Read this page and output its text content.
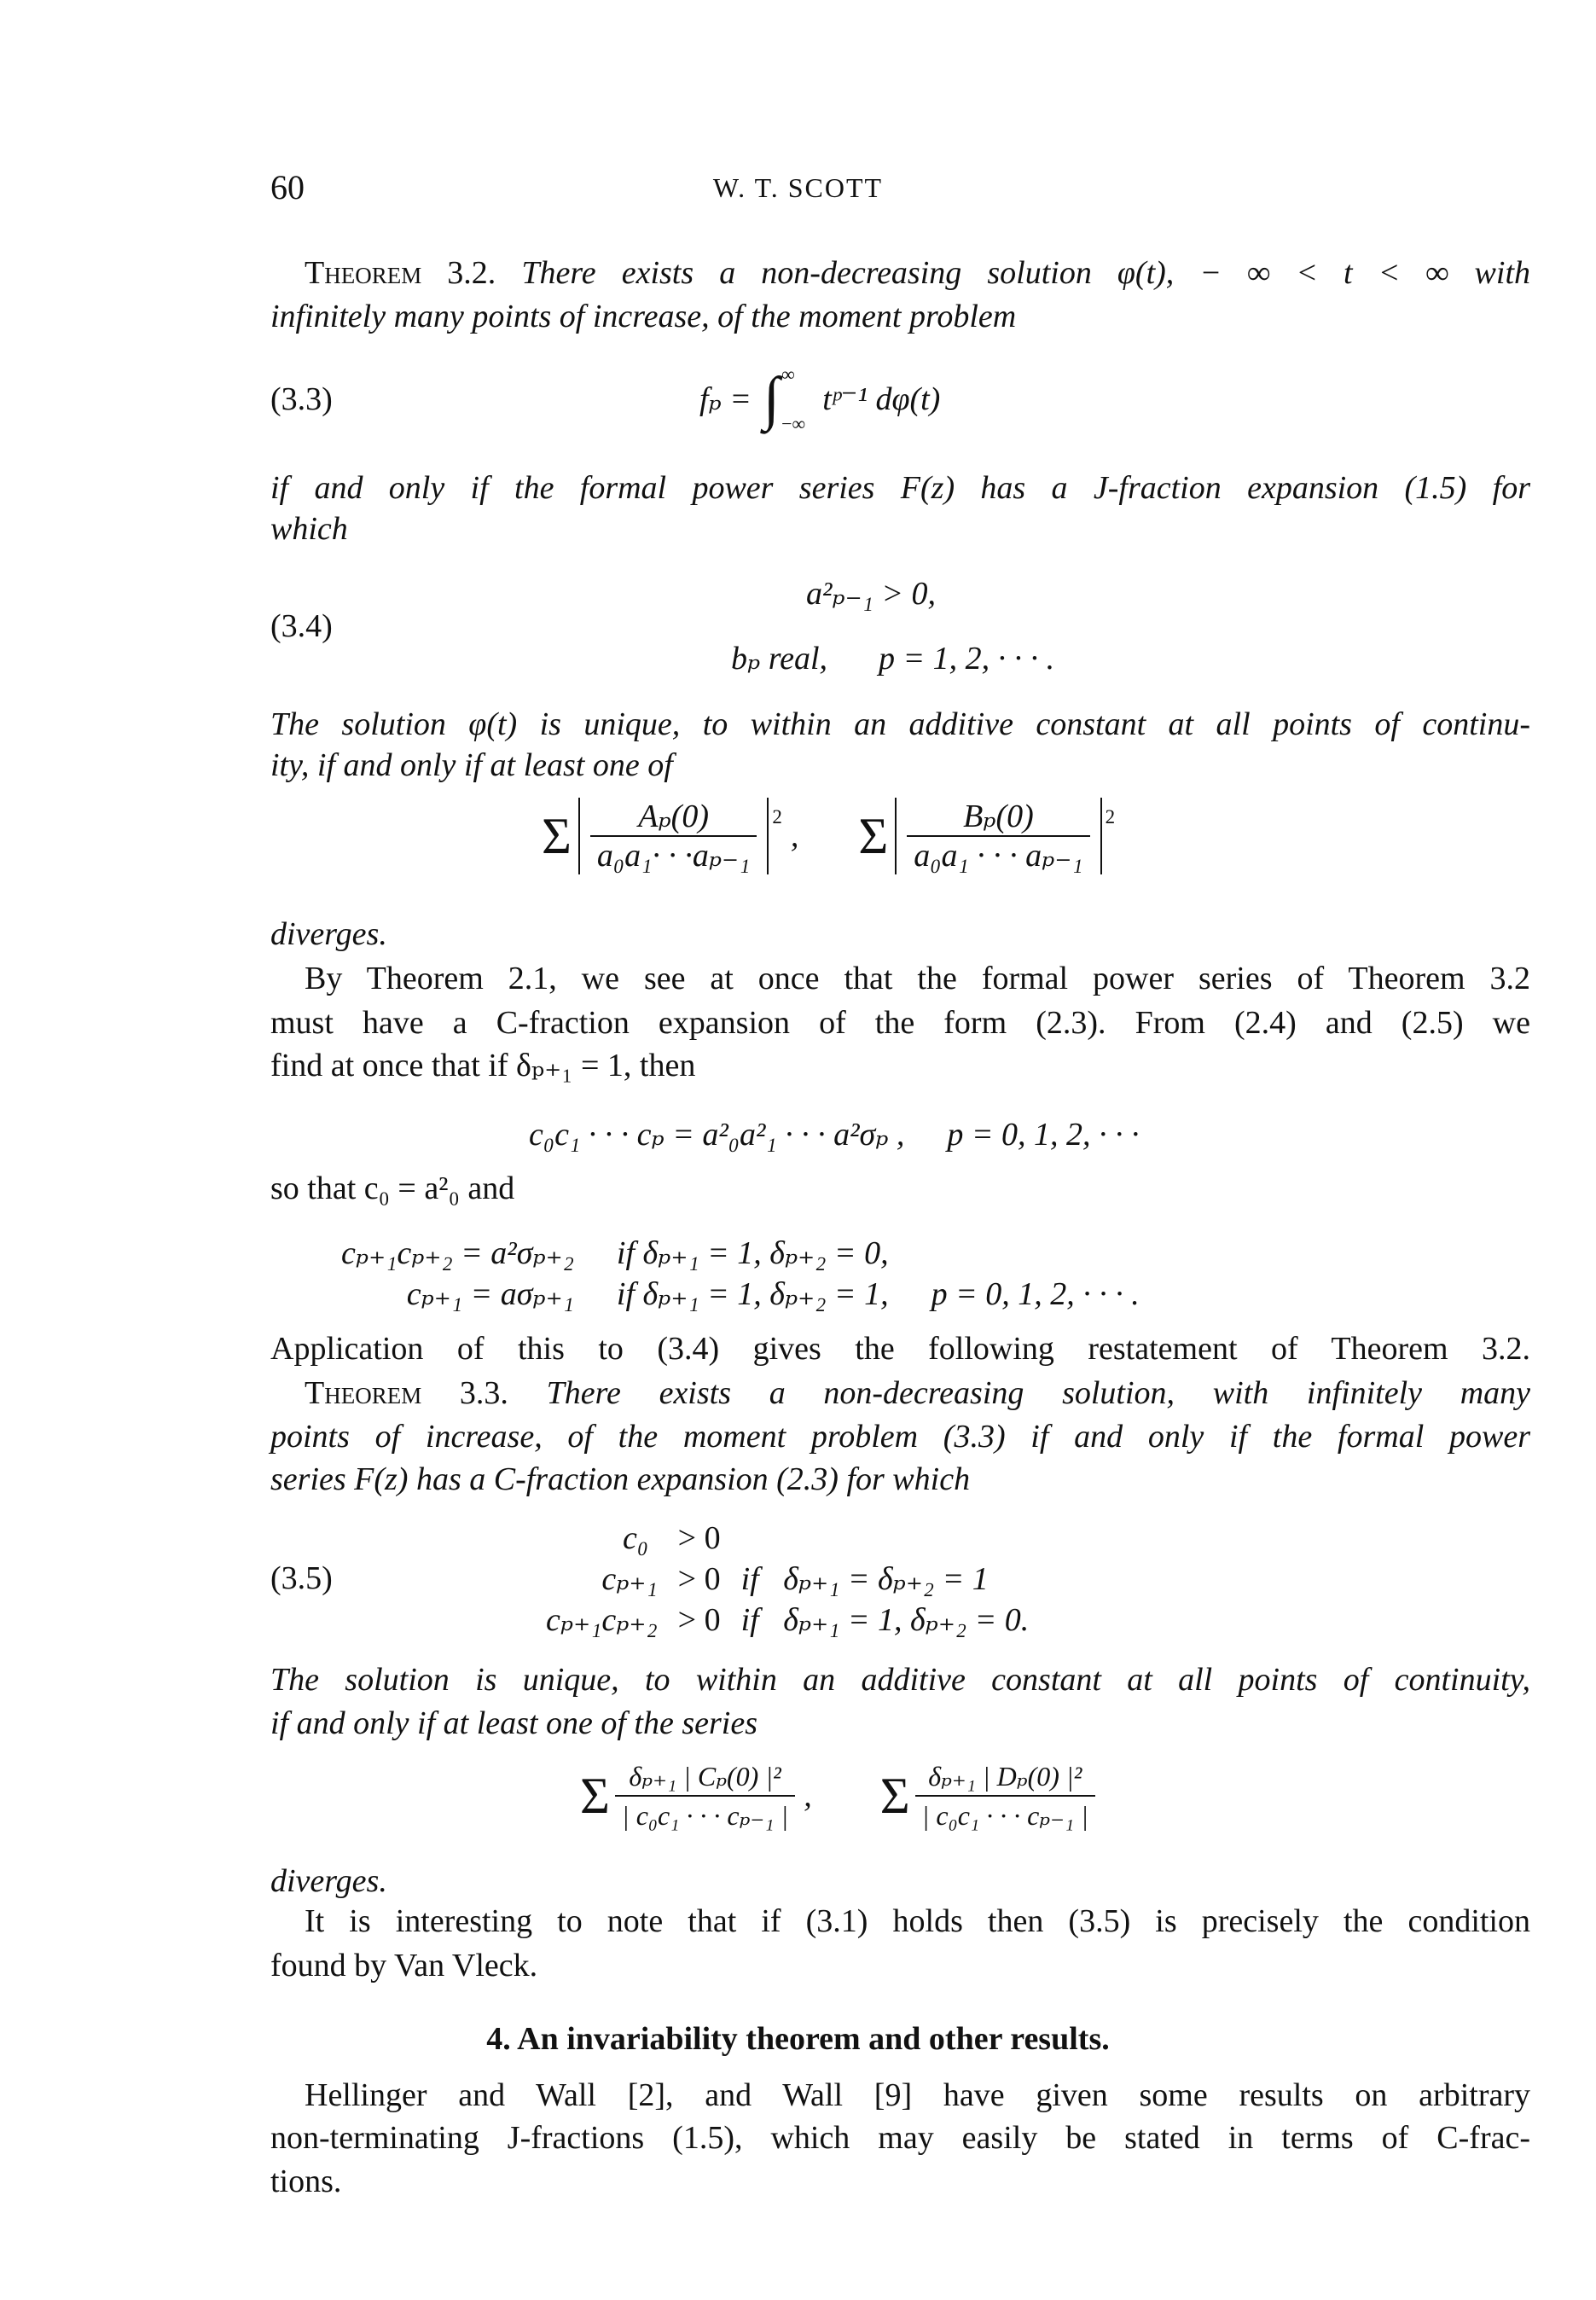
60	W. T. SCOTT
Theorem 3.2. There exists a non-decreasing solution φ(t), − ∞ < t < ∞ with
infinitely many points of increase, of the moment problem
(3.3)	fₚ = ∫ ∞
−∞
tᵖ⁻¹ dφ(t)
if and only if the formal power series F(z) has a J-fraction expansion (1.5) for
which
(3.4)
a²ₚ₋₁ > 0,
bₚ real, p = 1, 2, · · · .
The solution φ(t) is unique, to within an additive constant at all points of continu-
ity, if and only if at least one of
Σ $\frac{\text{Aₚ(0)}}{\text{a₀a₁· · ·aₚ₋₁}} 2$
, Σ $\frac{\text{Bₚ(0)}}{\text{a₀a₁ · · · aₚ₋₁}} 2$
diverges.
By Theorem 2.1, we see at once that the formal power series of Theorem 3.2
must have a C-fraction expansion of the form (2.3). From (2.4) and (2.5) we
find at once that if δₚ₊₁ = 1, then
c₀c₁ · · · cₚ = a²₀a²₁ · · · a²σₚ , p = 0, 1, 2, · · ·
so that c₀ = a²₀ and
cₚ₊₁cₚ₊₂ = a²σₚ₊₂ if δₚ₊₁ = 1, δₚ₊₂ = 0,
cₚ₊₁ = aσₚ₊₁ if δₚ₊₁ = 1, δₚ₊₂ = 1, p = 0, 1, 2, · · · .
Application of this to (3.4) gives the following restatement of Theorem 3.2.
Theorem 3.3. There exists a non-decreasing solution, with infinitely many
points of increase, of the moment problem (3.3) if and only if the formal power
series F(z) has a C-fraction expansion (2.3) for which
(3.5)
c₀ > 0
cₚ₊₁ > 0 if   δₚ₊₁ = δₚ₊₂ = 1
cₚ₊₁cₚ₊₂ > 0 if   δₚ₊₁ = 1, δₚ₊₂ = 0.
The solution is unique, to within an additive constant at all points of continuity,
if and only if at least one of the series
Σ $\frac{\text{δₚ₊₁ | Cₚ(0) |²}}{\text{| c₀c₁ · · · cₚ₋₁ |}}$ , Σ $\frac{\text{δₚ₊₁ | Dₚ(0) |²}}{\text{| c₀c₁ · · · cₚ₋₁ |}}$
diverges.
It is interesting to note that if (3.1) holds then (3.5) is precisely the condition
found by Van Vleck.
4. An invariability theorem and other results.
Hellinger and Wall [2], and Wall [9] have given some results on arbitrary
non-terminating J-fractions (1.5), which may easily be stated in terms of C-frac-
tions.
